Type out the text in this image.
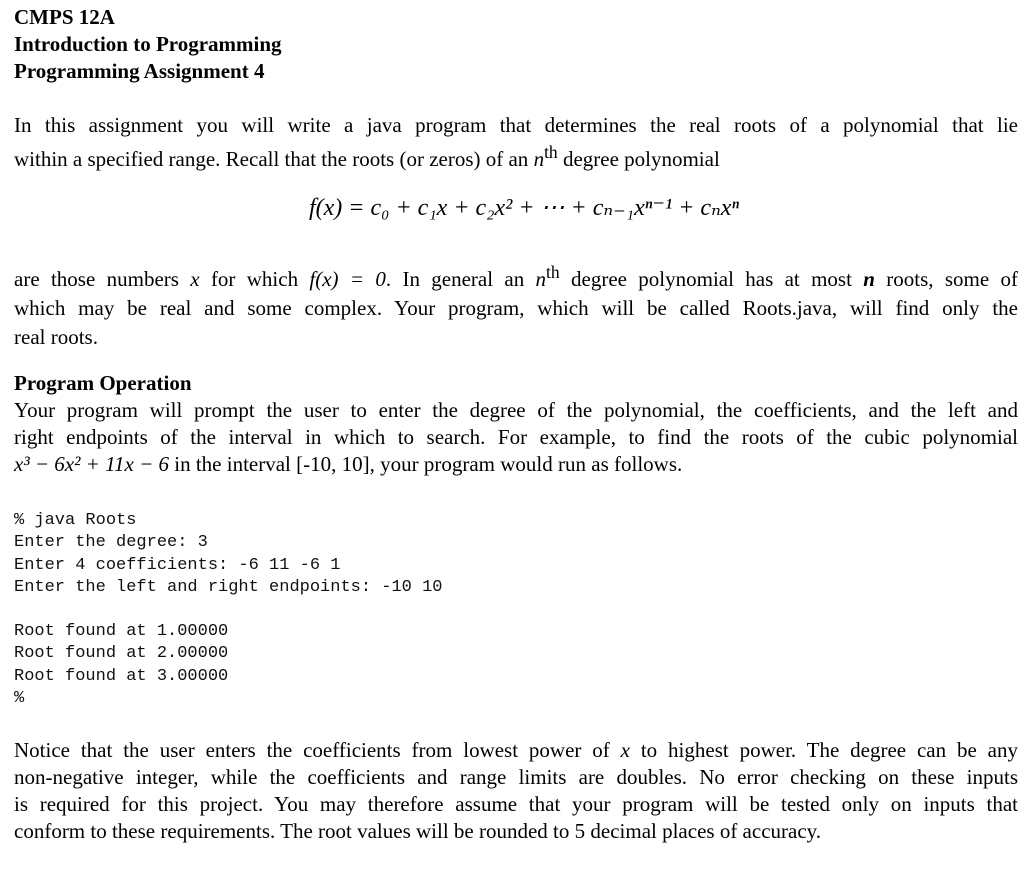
CMPS 12A

Introduction to Programming

Programming Assignment 4

In this assignment you will write a java program that determines the real roots of a polynomial that lie
within a specified range. Recall that the roots (or zeros) of an $n^{th}$ degree polynomial
f(x) = c₀ + c₁x + c₂x² + ⋯ + cₙ₋₁xⁿ⁻¹ + cₙxⁿ
are those numbers x for which f(x) = 0. In general an $n^{th}$ degree polynomial has at most n roots, some of
which may be real and some complex. Your program, which will be called Roots.java, will find only the
real roots.

Program Operation

Your program will prompt the user to enter the degree of the polynomial, the coefficients, and the left and
right endpoints of the interval in which to search. For example, to find the roots of the cubic polynomial
x³ − 6x² + 11x − 6 in the interval [-10, 10], your program would run as follows.
% java Roots
Enter the degree: 3
Enter 4 coefficients: -6 11 -6 1
Enter the left and right endpoints: -10 10
Root found at 1.00000
Root found at 2.00000
Root found at 3.00000
%
Notice that the user enters the coefficients from lowest power of x to highest power. The degree can be any
non-negative integer, while the coefficients and range limits are doubles. No error checking on these inputs
is required for this project. You may therefore assume that your program will be tested only on inputs that
conform to these requirements. The root values will be rounded to 5 decimal places of accuracy.
